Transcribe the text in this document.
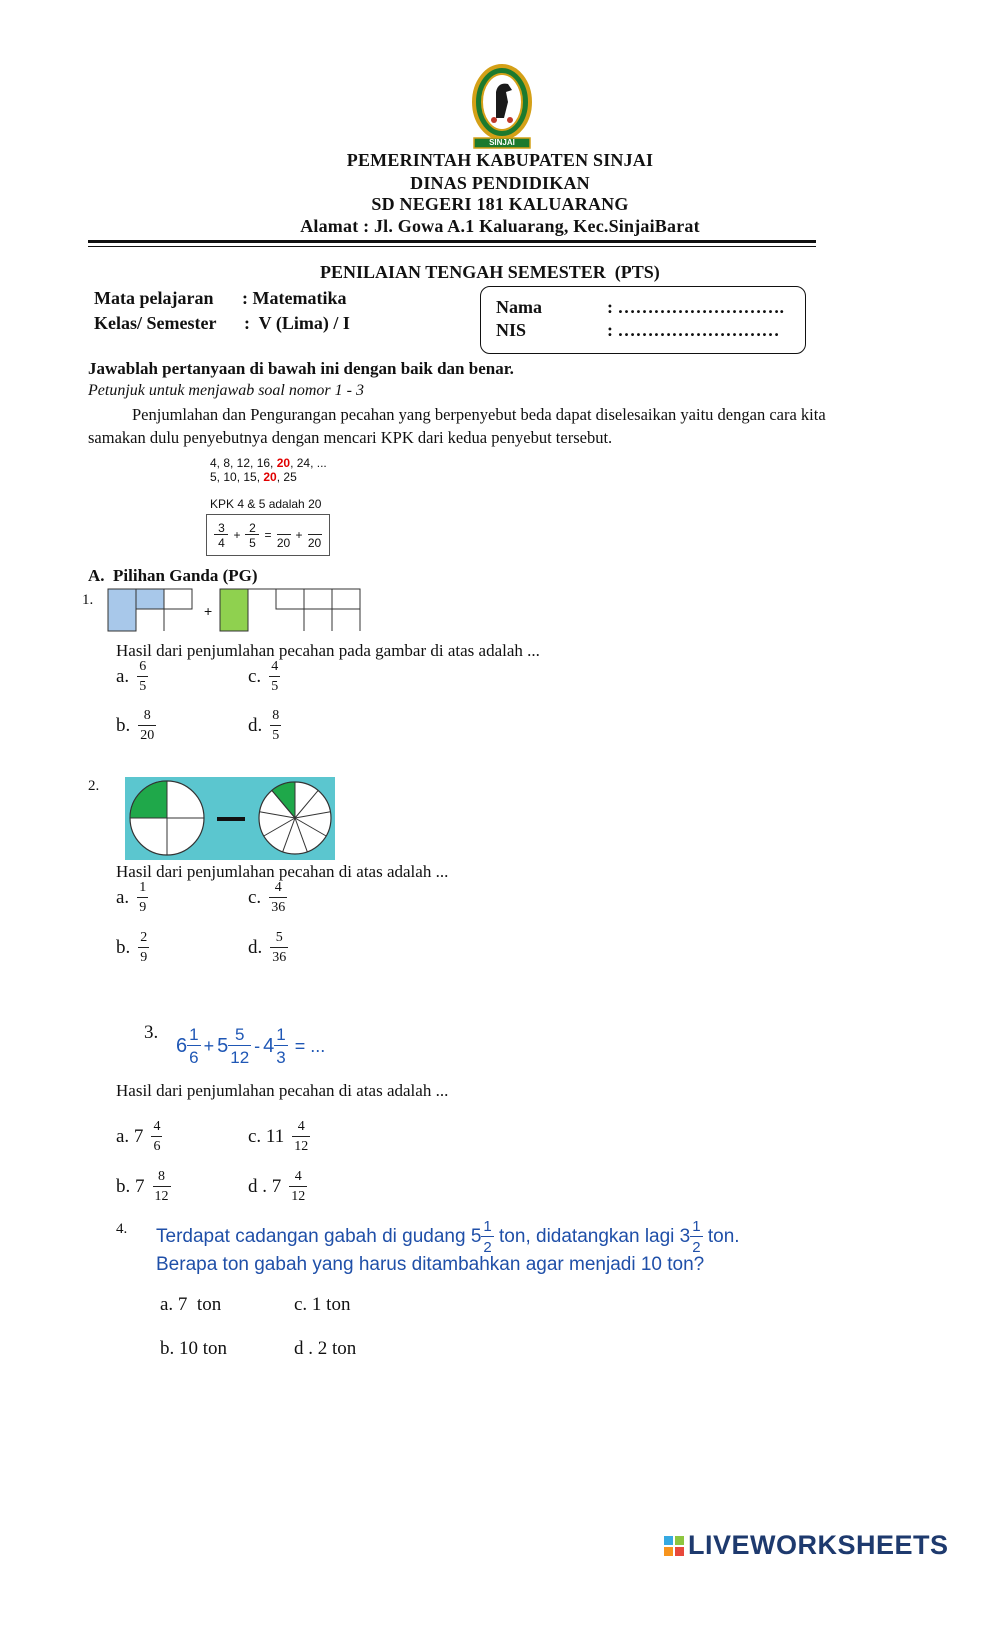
SINJAI
PEMERINTAH KABUPATEN SINJAI
DINAS PENDIDIKAN
SD NEGERI 181 KALUARANG
Alamat : Jl. Gowa A.1 Kaluarang, Kec.SinjaiBarat
PENILAIAN TENGAH SEMESTER  (PTS)
Mata pelajaran : Matematika
Kelas/ Semester :  V (Lima) / I
Nama	: ……………………….
NIS	: ………………………
Jawablah pertanyaan di bawah ini dengan baik dan benar.
Petunjuk untuk menjawab soal nomor 1 - 3
Penjumlahan dan Pengurangan pecahan yang berpenyebut beda dapat diselesaikan yaitu dengan cara kita
samakan dulu penyebutnya dengan mencari KPK dari kedua penyebut tersebut.
4, 8, 12, 16, 20, 24, ...
5, 10, 15, 20, 25
KPK 4 & 5 adalah 20
$\frac{3}{4} + \frac{2}{5}$ =

20
+

20
A.  Pilihan Ganda (PG)
1.
+
Hasil dari penjumlahan pecahan pada gambar di atas adalah ...
a. $\frac{6}{5}$	c. $\frac{4}{5}$
b. $\frac{8}{20}$	d. $\frac{8}{5}$
2.
Hasil dari penjumlahan pecahan di atas adalah ...
a. $\frac{1}{9}$	c. $\frac{4}{36}$
b. $\frac{2}{9}$	d. $\frac{5}{36}$
3.
$6 \frac{1}{6} + 5 \frac{5}{12} - 4 \frac{1}{3}$ = ...
Hasil dari penjumlahan pecahan di atas adalah ...
a. $7 \frac{4}{6}$	c. $11 \frac{4}{12}$
b. $7 \frac{8}{12}$	d . $7 \frac{4}{12}$
4. Terdapat cadangan gabah di gudang $5 \frac{1}{2}$ ton, didatangkan lagi $3 \frac{1}{2}$ ton.
Berapa ton gabah yang harus ditambahkan agar menjadi 10 ton?
a. 7  ton	c. 1 ton
b. 10 ton	d . 2 ton
LIVEWORKSHEETS
